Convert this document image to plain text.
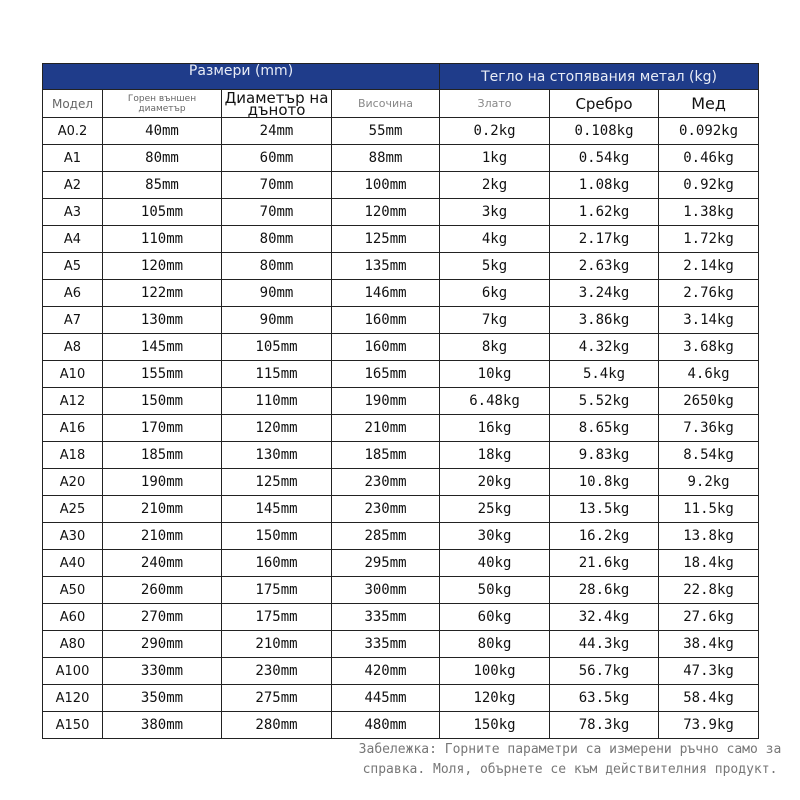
Размери (mm)				Тегло на стопявания метал (kg)		
Модел	Горен външен диаметър	Диаметър на дъното	Височина	Злато	Сребро	Мед
A0.2	40mm	24mm	55mm	0.2kg	0.108kg	0.092kg
A1	80mm	60mm	88mm	1kg	0.54kg	0.46kg
A2	85mm	70mm	100mm	2kg	1.08kg	0.92kg
A3	105mm	70mm	120mm	3kg	1.62kg	1.38kg
A4	110mm	80mm	125mm	4kg	2.17kg	1.72kg
A5	120mm	80mm	135mm	5kg	2.63kg	2.14kg
A6	122mm	90mm	146mm	6kg	3.24kg	2.76kg
A7	130mm	90mm	160mm	7kg	3.86kg	3.14kg
A8	145mm	105mm	160mm	8kg	4.32kg	3.68kg
A10	155mm	115mm	165mm	10kg	5.4kg	4.6kg
A12	150mm	110mm	190mm	6.48kg	5.52kg	2650kg
A16	170mm	120mm	210mm	16kg	8.65kg	7.36kg
A18	185mm	130mm	185mm	18kg	9.83kg	8.54kg
A20	190mm	125mm	230mm	20kg	10.8kg	9.2kg
A25	210mm	145mm	230mm	25kg	13.5kg	11.5kg
A30	210mm	150mm	285mm	30kg	16.2kg	13.8kg
A40	240mm	160mm	295mm	40kg	21.6kg	18.4kg
A50	260mm	175mm	300mm	50kg	28.6kg	22.8kg
A60	270mm	175mm	335mm	60kg	32.4kg	27.6kg
A80	290mm	210mm	335mm	80kg	44.3kg	38.4kg
A100	330mm	230mm	420mm	100kg	56.7kg	47.3kg
A120	350mm	275mm	445mm	120kg	63.5kg	58.4kg
A150	380mm	280mm	480mm	150kg	78.3kg	73.9kg
Забележка: Горните параметри са измерени ръчно само за справка. Моля, обърнете се към действителния продукт.
